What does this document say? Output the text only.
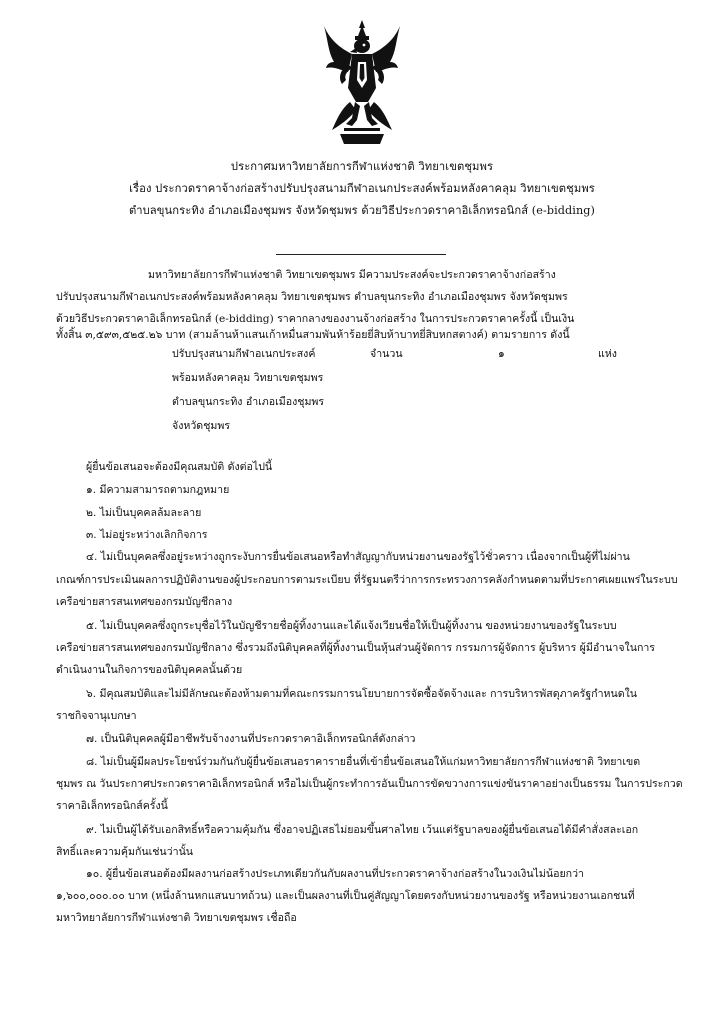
ประกาศมหาวิทยาลัยการกีฬาแห่งชาติ วิทยาเขตชุมพร
เรื่อง ประกวดราคาจ้างก่อสร้างปรับปรุงสนามกีฬาอเนกประสงค์พร้อมหลังคาคลุม วิทยาเขตชุมพร
ตำบลขุนกระทิง อำเภอเมืองชุมพร จังหวัดชุมพร ด้วยวิธีประกวดราคาอิเล็กทรอนิกส์ (e-bidding)
มหาวิทยาลัยการกีฬาแห่งชาติ วิทยาเขตชุมพร มีความประสงค์จะประกวดราคาจ้างก่อสร้าง
ปรับปรุงสนามกีฬาอเนกประสงค์พร้อมหลังคาคลุม วิทยาเขตชุมพร ตำบลขุนกระทิง อำเภอเมืองชุมพร จังหวัดชุมพร
ด้วยวิธีประกวดราคาอิเล็กทรอนิกส์ (e-bidding) ราคากลางของงานจ้างก่อสร้าง ในการประกวดราคาครั้งนี้ เป็นเงิน
ทั้งสิ้น ๓,๕๙๓,๕๒๕.๒๖ บาท (สามล้านห้าแสนเก้าหมื่นสามพันห้าร้อยยี่สิบห้าบาทยี่สิบหกสตางค์) ตามรายการ ดังนี้
ปรับปรุงสนามกีฬาอเนกประสงค์
พร้อมหลังคาคลุม วิทยาเขตชุมพร
ตำบลขุนกระทิง อำเภอเมืองชุมพร
จังหวัดชุมพร
จำนวน	๑	แห่ง
ผู้ยื่นข้อเสนอจะต้องมีคุณสมบัติ ดังต่อไปนี้
๑. มีความสามารถตามกฎหมาย
๒. ไม่เป็นบุคคลล้มละลาย
๓. ไม่อยู่ระหว่างเลิกกิจการ
๔. ไม่เป็นบุคคลซึ่งอยู่ระหว่างถูกระงับการยื่นข้อเสนอหรือทำสัญญากับหน่วยงานของรัฐไว้ชั่วคราว เนื่องจากเป็นผู้ที่ไม่ผ่าน
เกณฑ์การประเมินผลการปฏิบัติงานของผู้ประกอบการตามระเบียบ ที่รัฐมนตรีว่าการกระทรวงการคลังกำหนดตามที่ประกาศเผยแพร่ในระบบ
เครือข่ายสารสนเทศของกรมบัญชีกลาง
๕. ไม่เป็นบุคคลซึ่งถูกระบุชื่อไว้ในบัญชีรายชื่อผู้ทิ้งงานและได้แจ้งเวียนชื่อให้เป็นผู้ทิ้งงาน ของหน่วยงานของรัฐในระบบ
เครือข่ายสารสนเทศของกรมบัญชีกลาง ซึ่งรวมถึงนิติบุคคลที่ผู้ทิ้งงานเป็นหุ้นส่วนผู้จัดการ กรรมการผู้จัดการ ผู้บริหาร ผู้มีอำนาจในการ
ดำเนินงานในกิจการของนิติบุคคลนั้นด้วย
๖. มีคุณสมบัติและไม่มีลักษณะต้องห้ามตามที่คณะกรรมการนโยบายการจัดซื้อจัดจ้างและ การบริหารพัสดุภาครัฐกำหนดใน
ราชกิจจานุเบกษา
๗. เป็นนิติบุคคลผู้มีอาชีพรับจ้างงานที่ประกวดราคาอิเล็กทรอนิกส์ดังกล่าว
๘. ไม่เป็นผู้มีผลประโยชน์ร่วมกันกับผู้ยื่นข้อเสนอราคารายอื่นที่เข้ายื่นข้อเสนอให้แก่มหาวิทยาลัยการกีฬาแห่งชาติ วิทยาเขต
ชุมพร ณ วันประกาศประกวดราคาอิเล็กทรอนิกส์ หรือไม่เป็นผู้กระทำการอันเป็นการขัดขวางการแข่งขันราคาอย่างเป็นธรรม ในการประกวด
ราคาอิเล็กทรอนิกส์ครั้งนี้
๙. ไม่เป็นผู้ได้รับเอกสิทธิ์หรือความคุ้มกัน ซึ่งอาจปฏิเสธไม่ยอมขึ้นศาลไทย เว้นแต่รัฐบาลของผู้ยื่นข้อเสนอได้มีคำสั่งสละเอก
สิทธิ์และความคุ้มกันเช่นว่านั้น
๑๐. ผู้ยื่นข้อเสนอต้องมีผลงานก่อสร้างประเภทเดียวกันกับผลงานที่ประกวดราคาจ้างก่อสร้างในวงเงินไม่น้อยกว่า
๑,๖๐๐,๐๐๐.๐๐ บาท (หนึ่งล้านหกแสนบาทถ้วน) และเป็นผลงานที่เป็นคู่สัญญาโดยตรงกับหน่วยงานของรัฐ หรือหน่วยงานเอกชนที่
มหาวิทยาลัยการกีฬาแห่งชาติ วิทยาเขตชุมพร เชื่อถือ
